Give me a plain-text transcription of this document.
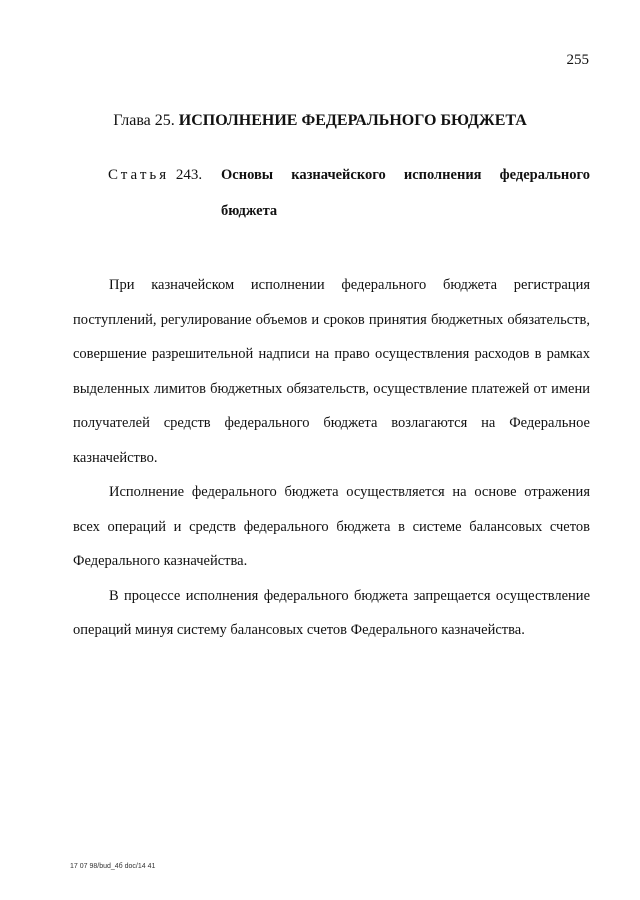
255
Глава 25. ИСПОЛНЕНИЕ ФЕДЕРАЛЬНОГО БЮДЖЕТА
Статья 243. Основы казначейского исполнения федерального
бюджета

При казначейском исполнении федерального бюджета регистрация поступлений, регулирование объемов и сроков принятия бюджетных обязательств, совершение разрешительной надписи на право осуществления расходов в рамках выделенных лимитов бюджетных обязательств, осуществление платежей от имени получателей средств федерального бюджета возлагаются на Федеральное казначейство.

Исполнение федерального бюджета осуществляется на основе отражения всех операций и средств федерального бюджета в системе балансовых счетов Федерального казначейства.

В процессе исполнения федерального бюджета запрещается осуществление операций минуя систему балансовых счетов Федерального казначейства.

17 07 98/bud_4б doc/14 41
